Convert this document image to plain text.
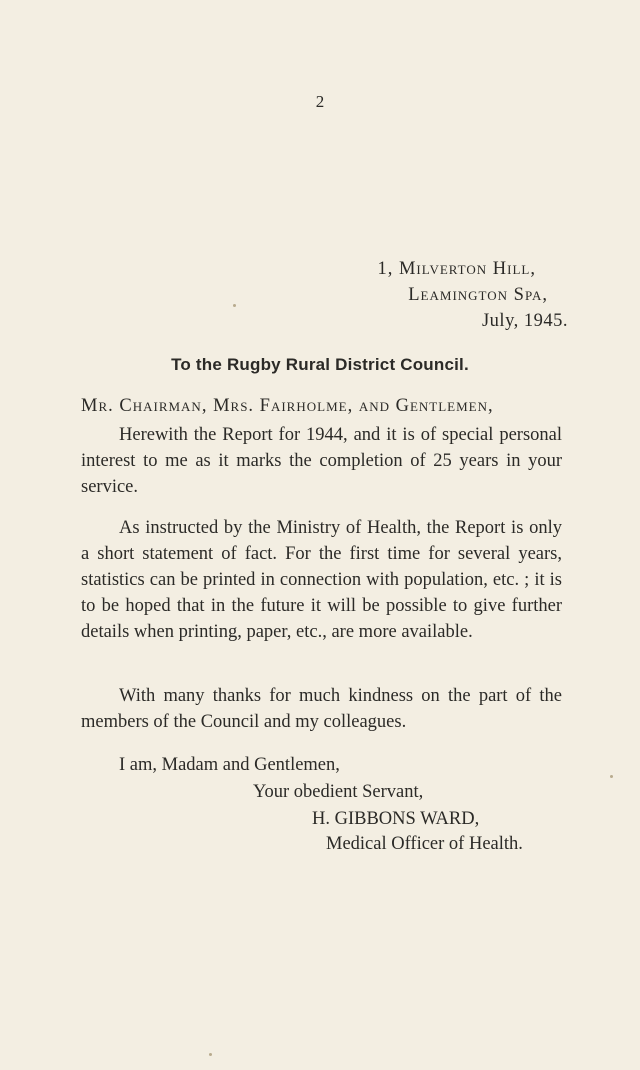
2
1, Milverton Hill,
Leamington Spa,
July, 1945.
To the Rugby Rural District Council.
Mr. Chairman, Mrs. Fairholme, and Gentlemen,
Herewith the Report for 1944, and it is of special personal interest to me as it marks the completion of 25 years in your service.
As instructed by the Ministry of Health, the Report is only a short statement of fact. For the first time for several years, statistics can be printed in connection with population, etc. ; it is to be hoped that in the future it will be possible to give further details when printing, paper, etc., are more available.
With many thanks for much kindness on the part of the members of the Council and my colleagues.
I am, Madam and Gentlemen,
Your obedient Servant,
H. GIBBONS WARD,
Medical Officer of Health.
